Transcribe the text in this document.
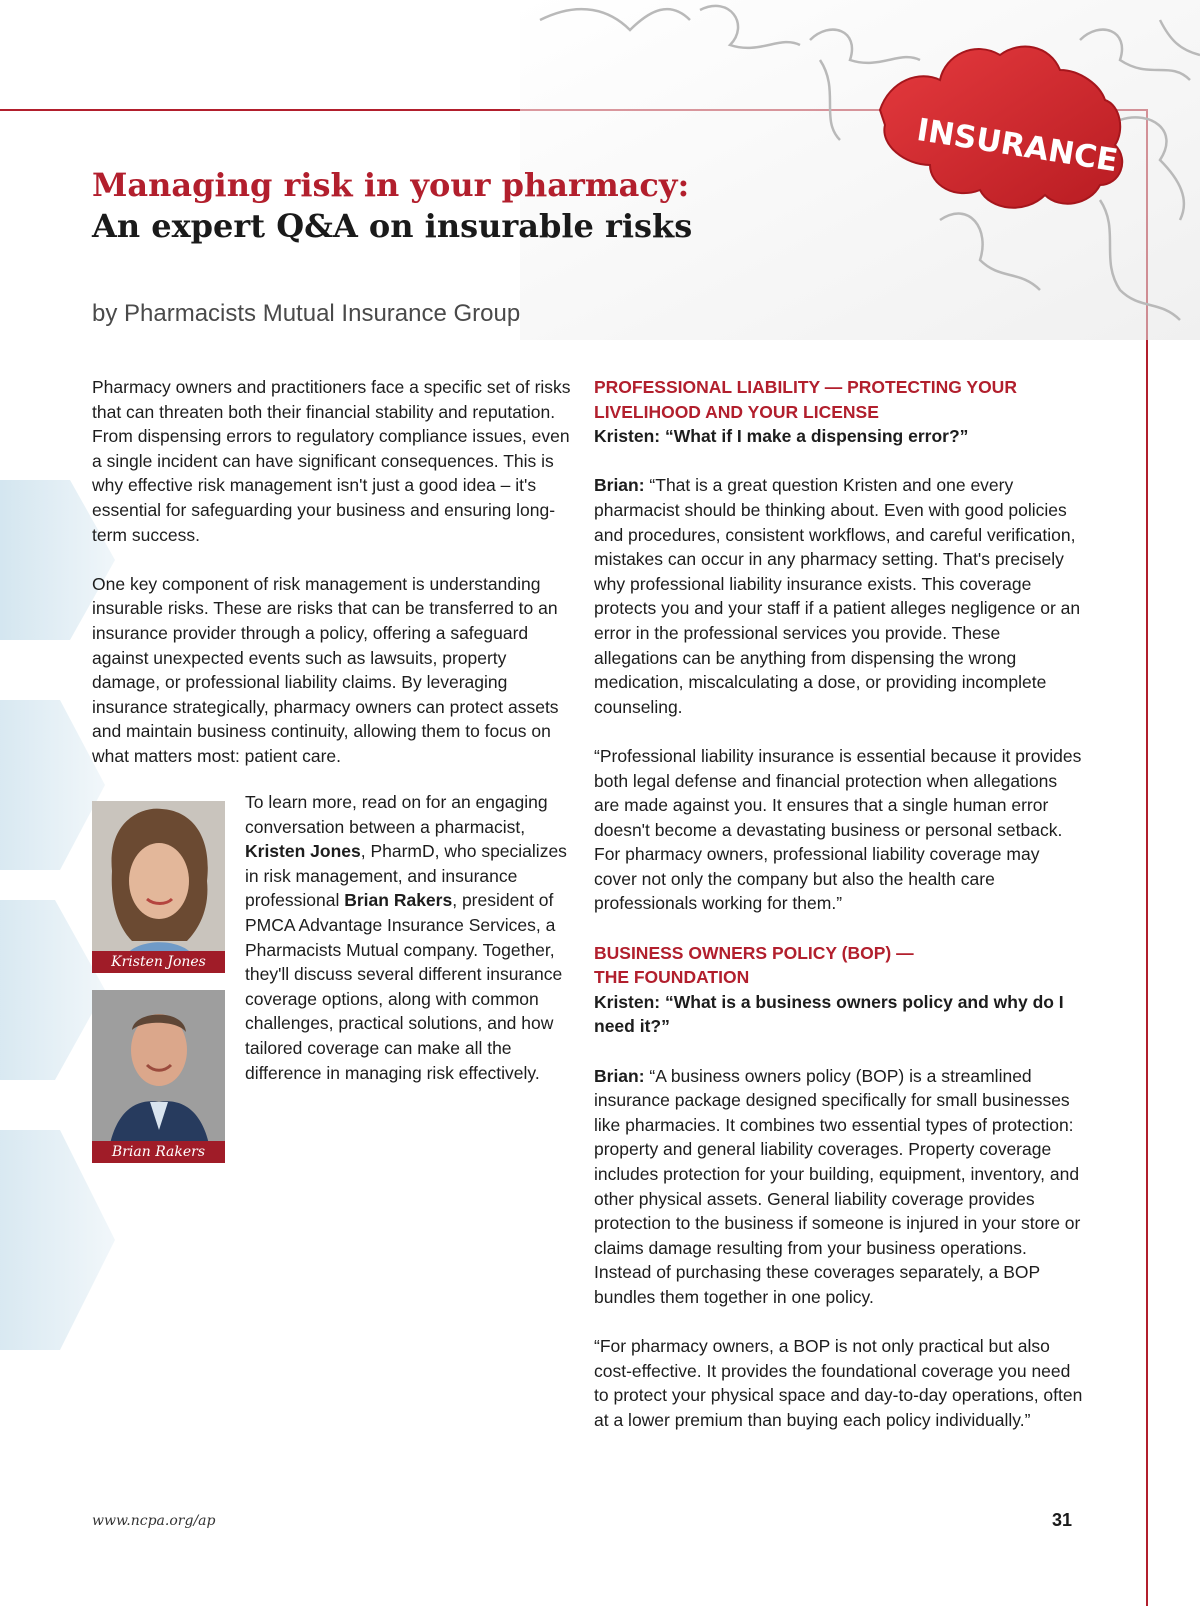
INSURANCE
Managing risk in your pharmacy:
An expert Q&A on insurable risks
by Pharmacists Mutual Insurance Group

Pharmacy owners and practitioners face a specific set of risks that can threaten both their financial stability and reputation. From dispensing errors to regulatory compliance issues, even a single incident can have significant consequences. This is why effective risk management isn't just a good idea – it's essential for safeguarding your business and ensuring long-term success.

One key component of risk management is understanding insurable risks. These are risks that can be transferred to an insurance provider through a policy, offering a safeguard against unexpected events such as lawsuits, property damage, or professional liability claims. By leveraging insurance strategically, pharmacy owners can protect assets and maintain business continuity, allowing them to focus on what matters most: patient care.

Kristen Jones
Brian Rakers
To learn more, read on for an engaging conversation between a pharmacist, Kristen Jones, PharmD, who specializes in risk management, and insurance professional Brian Rakers, president of PMCA Advantage Insurance Services, a Pharmacists Mutual company. Together, they'll discuss several different insurance coverage options, along with common challenges, practical solutions, and how tailored coverage can make all the difference in managing risk effectively.
PROFESSIONAL LIABILITY — PROTECTING YOUR
LIVELIHOOD AND YOUR LICENSE

Kristen: “What if I make a dispensing error?”

Brian: “That is a great question Kristen and one every pharmacist should be thinking about. Even with good policies and procedures, consistent workflows, and careful verification, mistakes can occur in any pharmacy setting. That's precisely why professional liability insurance exists. This coverage protects you and your staff if a patient alleges negligence or an error in the professional services you provide. These allegations can be anything from dispensing the wrong medication, miscalculating a dose, or providing incomplete counseling.

“Professional liability insurance is essential because it provides both legal defense and financial protection when allegations are made against you. It ensures that a single human error doesn't become a devastating business or personal setback. For pharmacy owners, professional liability coverage may cover not only the company but also the health care professionals working for them.”

BUSINESS OWNERS POLICY (BOP) —
THE FOUNDATION

Kristen: “What is a business owners policy and why do I need it?”

Brian: “A business owners policy (BOP) is a streamlined insurance package designed specifically for small businesses like pharmacies. It combines two essential types of protection: property and general liability coverages. Property coverage includes protection for your building, equipment, inventory, and other physical assets. General liability coverage provides protection to the business if someone is injured in your store or claims damage resulting from your business operations. Instead of purchasing these coverages separately, a BOP bundles them together in one policy.

“For pharmacy owners, a BOP is not only practical but also cost-effective. It provides the foundational coverage you need to protect your physical space and day-to-day operations, often at a lower premium than buying each policy individually.”

www.ncpa.org/ap	31
